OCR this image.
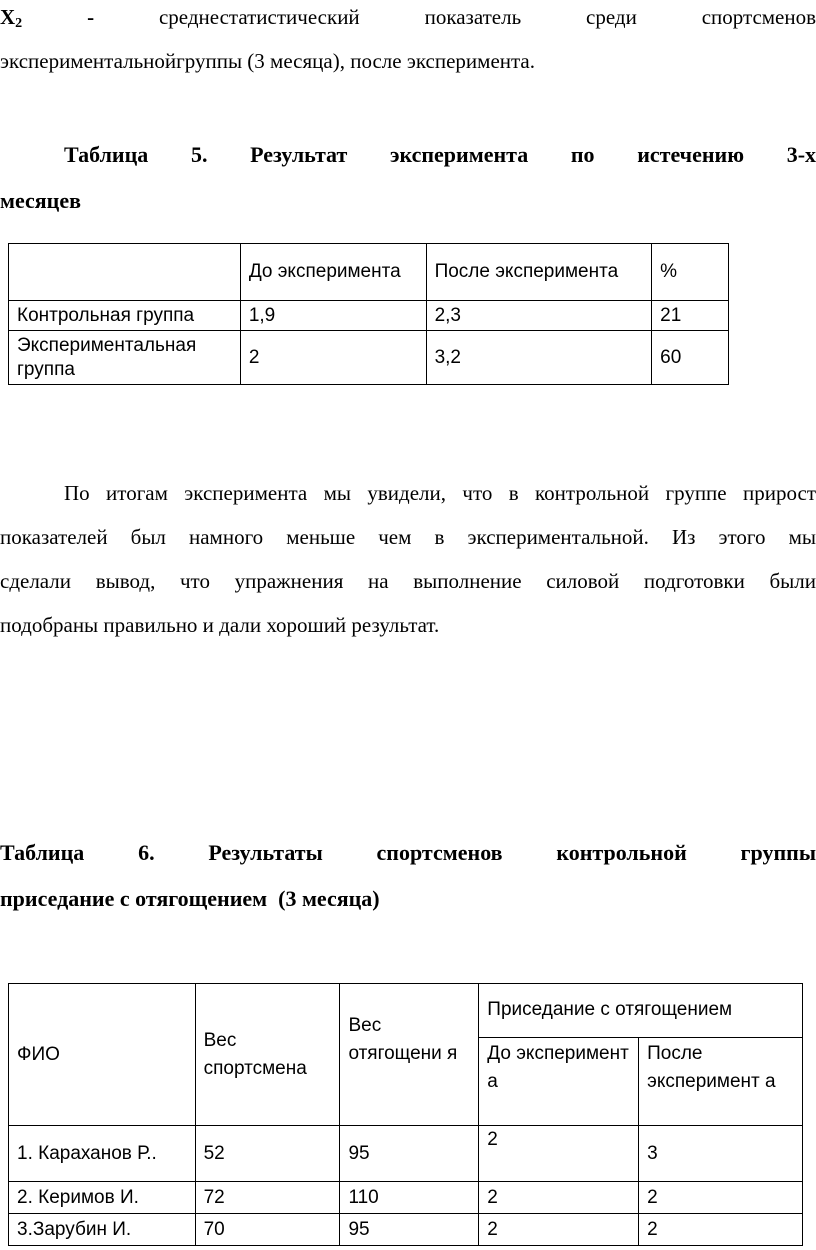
$X_2$	-	среднестатистический	показатель	среди	спортсменов
экспериментальнойгруппы (3 месяца), после эксперимента.
Таблица 5. Результат эксперимента по истечению 3-х
месяцев
	До эксперимента	После эксперимента	%
Контрольная группа	1,9	2,3	21
Экспериментальная группа	2	3,2	60
По итогам эксперимента мы увидели, что в контрольной группе прирост
показателей был намного меньше чем в экспериментальной. Из этого мы
сделали вывод, что упражнения на выполнение силовой подготовки были
подобраны правильно и дали хороший результат.
Таблица 6. Результаты спортсменов контрольной группы
приседание с отягощением  (3 месяца)
ФИО	Вес спортсмена	Вес отягощени я	Приседание с отягощением	
			До эксперимент а	После эксперимент а
1. Караханов Р..	52	95	2	3
2. Керимов И.	72	110	2	2
3.Зарубин И.	70	95	2	2
